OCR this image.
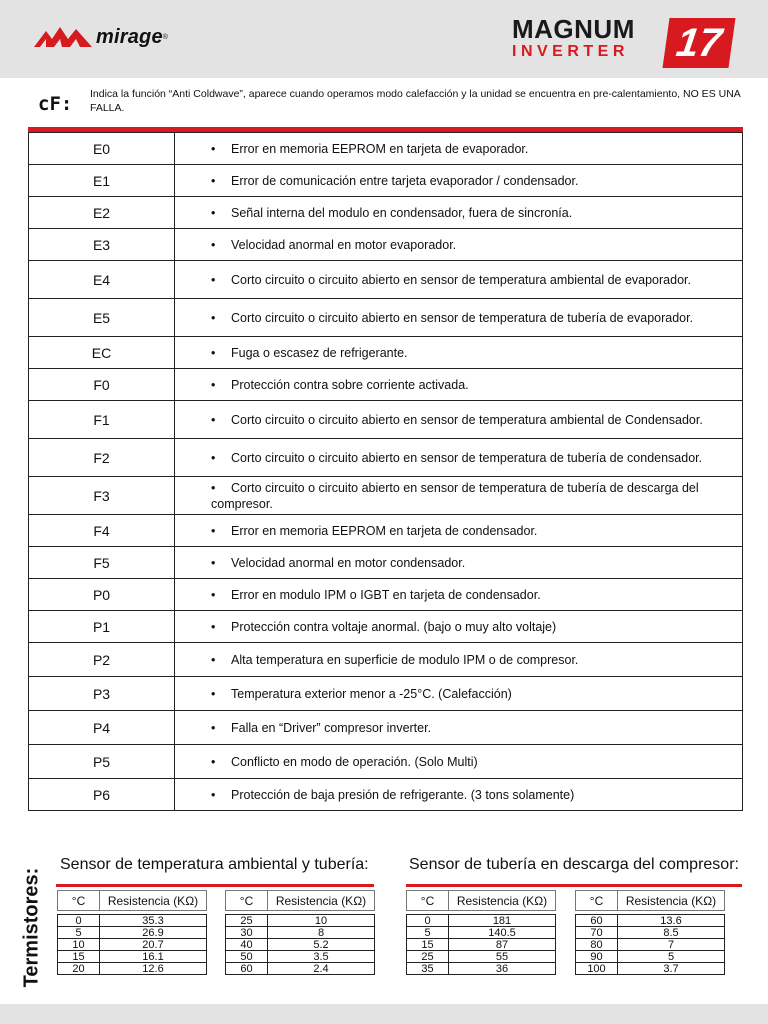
mirage ®	MAGNUM
INVERTER	17
cF: Indica la función “Anti Coldwave”, aparece cuando operamos modo calefacción y la unidad se encuentra en pre-calentamiento, NO ES UNA FALLA.
E0	• Error en memoria EEPROM en tarjeta de evaporador.
E1	• Error de comunicación entre tarjeta evaporador / condensador.
E2	• Señal interna del modulo en condensador, fuera de sincronía.
E3	• Velocidad anormal en motor evaporador.
E4	• Corto circuito o circuito abierto en sensor de temperatura ambiental de evaporador.
E5	• Corto circuito o circuito abierto en sensor de temperatura de tubería de evaporador.
EC	• Fuga o escasez de refrigerante.
F0	• Protección contra sobre corriente activada.
F1	• Corto circuito o circuito abierto en sensor de temperatura ambiental de Condensador.
F2	• Corto circuito o circuito abierto en sensor de temperatura de tubería de condensador.
F3	• Corto circuito o circuito abierto en sensor de temperatura de tubería de descarga del compresor.
F4	• Error en memoria EEPROM en tarjeta de condensador.
F5	• Velocidad anormal en motor condensador.
P0	• Error en modulo IPM o IGBT en tarjeta de condensador.
P1	• Protección contra voltaje anormal. (bajo o muy alto voltaje)
P2	• Alta temperatura en superficie de modulo IPM o de compresor.
P3	• Temperatura exterior menor a -25°C. (Calefacción)
P4	• Falla en “Driver” compresor inverter.
P5	• Conflicto en modo de operación. (Solo Multi)
P6	• Protección de baja presión de refrigerante. (3 tons solamente)
Termistores:
Sensor de temperatura ambiental y tubería:	Sensor de tubería en descarga del compresor:
°C	Resistencia (KΩ)

0	35.3
5	26.9
10	20.7
15	16.1
20	12.6
°C	Resistencia (KΩ)

25	10
30	8
40	5.2
50	3.5
60	2.4
°C	Resistencia (KΩ)

0	181
5	140.5
15	87
25	55
35	36
°C	Resistencia (KΩ)

60	13.6
70	8.5
80	7
90	5
100	3.7
